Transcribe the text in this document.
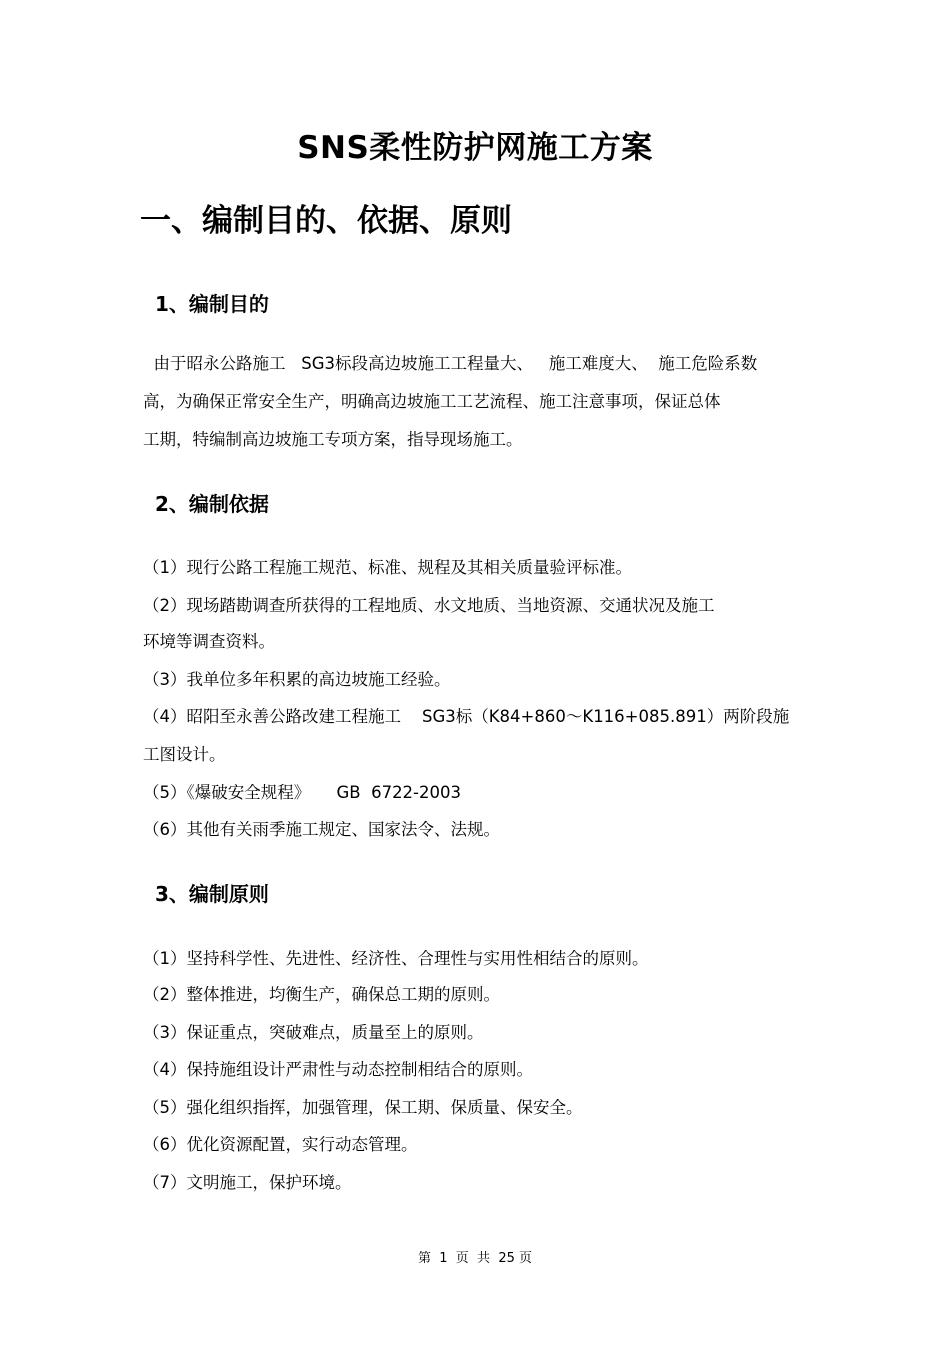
SNS柔性防护网施工方案
一、编制目的、依据、原则
1、编制目的

由于昭永公路施工   SG3标段高边坡施工工程量大、   施工难度大、  施工危险系数

高，为确保正常安全生产，明确高边坡施工工艺流程、施工注意事项，保证总体

工期，特编制高边坡施工专项方案，指导现场施工。

2、编制依据

（1）现行公路工程施工规范、标准、规程及其相关质量验评标准。

（2）现场踏勘调查所获得的工程地质、水文地质、当地资源、交通状况及施工

环境等调查资料。

（3）我单位多年积累的高边坡施工经验。

（4）昭阳至永善公路改建工程施工    SG3标（K84+860～K116+085.891）两阶段施

工图设计。

（5）《爆破安全规程》     GB  6722-2003

（6）其他有关雨季施工规定、国家法令、法规。

3、编制原则

（1）坚持科学性、先进性、经济性、合理性与实用性相结合的原则。

（2）整体推进，均衡生产，确保总工期的原则。

（3）保证重点，突破难点，质量至上的原则。

（4）保持施组设计严肃性与动态控制相结合的原则。

（5）强化组织指挥，加强管理，保工期、保质量、保安全。

（6）优化资源配置，实行动态管理。

（7）文明施工，保护环境。

第  1  页  共  25 页
